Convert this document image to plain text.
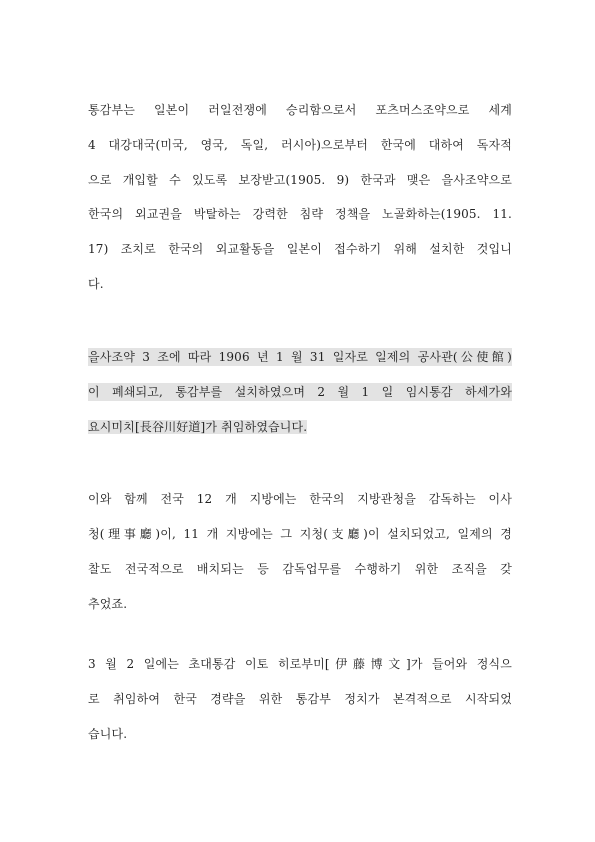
통감부는 일본이 러일전쟁에 승리함으로서 포츠머스조약으로 세계
4 대강대국(미국, 영국, 독일, 러시아)으로부터 한국에 대하여 독자적
으로 개입할 수 있도록 보장받고(1905. 9) 한국과 맺은 을사조약으로
한국의 외교권을 박탈하는 강력한 침략 정책을 노골화하는(1905. 11.
17) 조치로 한국의 외교활동을 일본이 접수하기 위해 설치한 것입니
다.
을사조약 3 조에 따라 1906 년 1 월 31 일자로 일제의 공사관(公使館)
이 폐쇄되고, 통감부를 설치하였으며 2 월 1 일 임시통감 하세가와
요시미치[長谷川好道]가 취임하였습니다.
이와 함께 전국 12 개 지방에는 한국의 지방관청을 감독하는 이사
청(理事廳)이, 11 개 지방에는 그 지청(支廳)이 설치되었고, 일제의 경
찰도 전국적으로 배치되는 등 감독업무를 수행하기 위한 조직을 갖
추었죠.
3 월 2 일에는 초대통감 이토 히로부미[伊藤博文]가 들어와 정식으
로 취임하여 한국 경략을 위한 통감부 정치가 본격적으로 시작되었
습니다.
